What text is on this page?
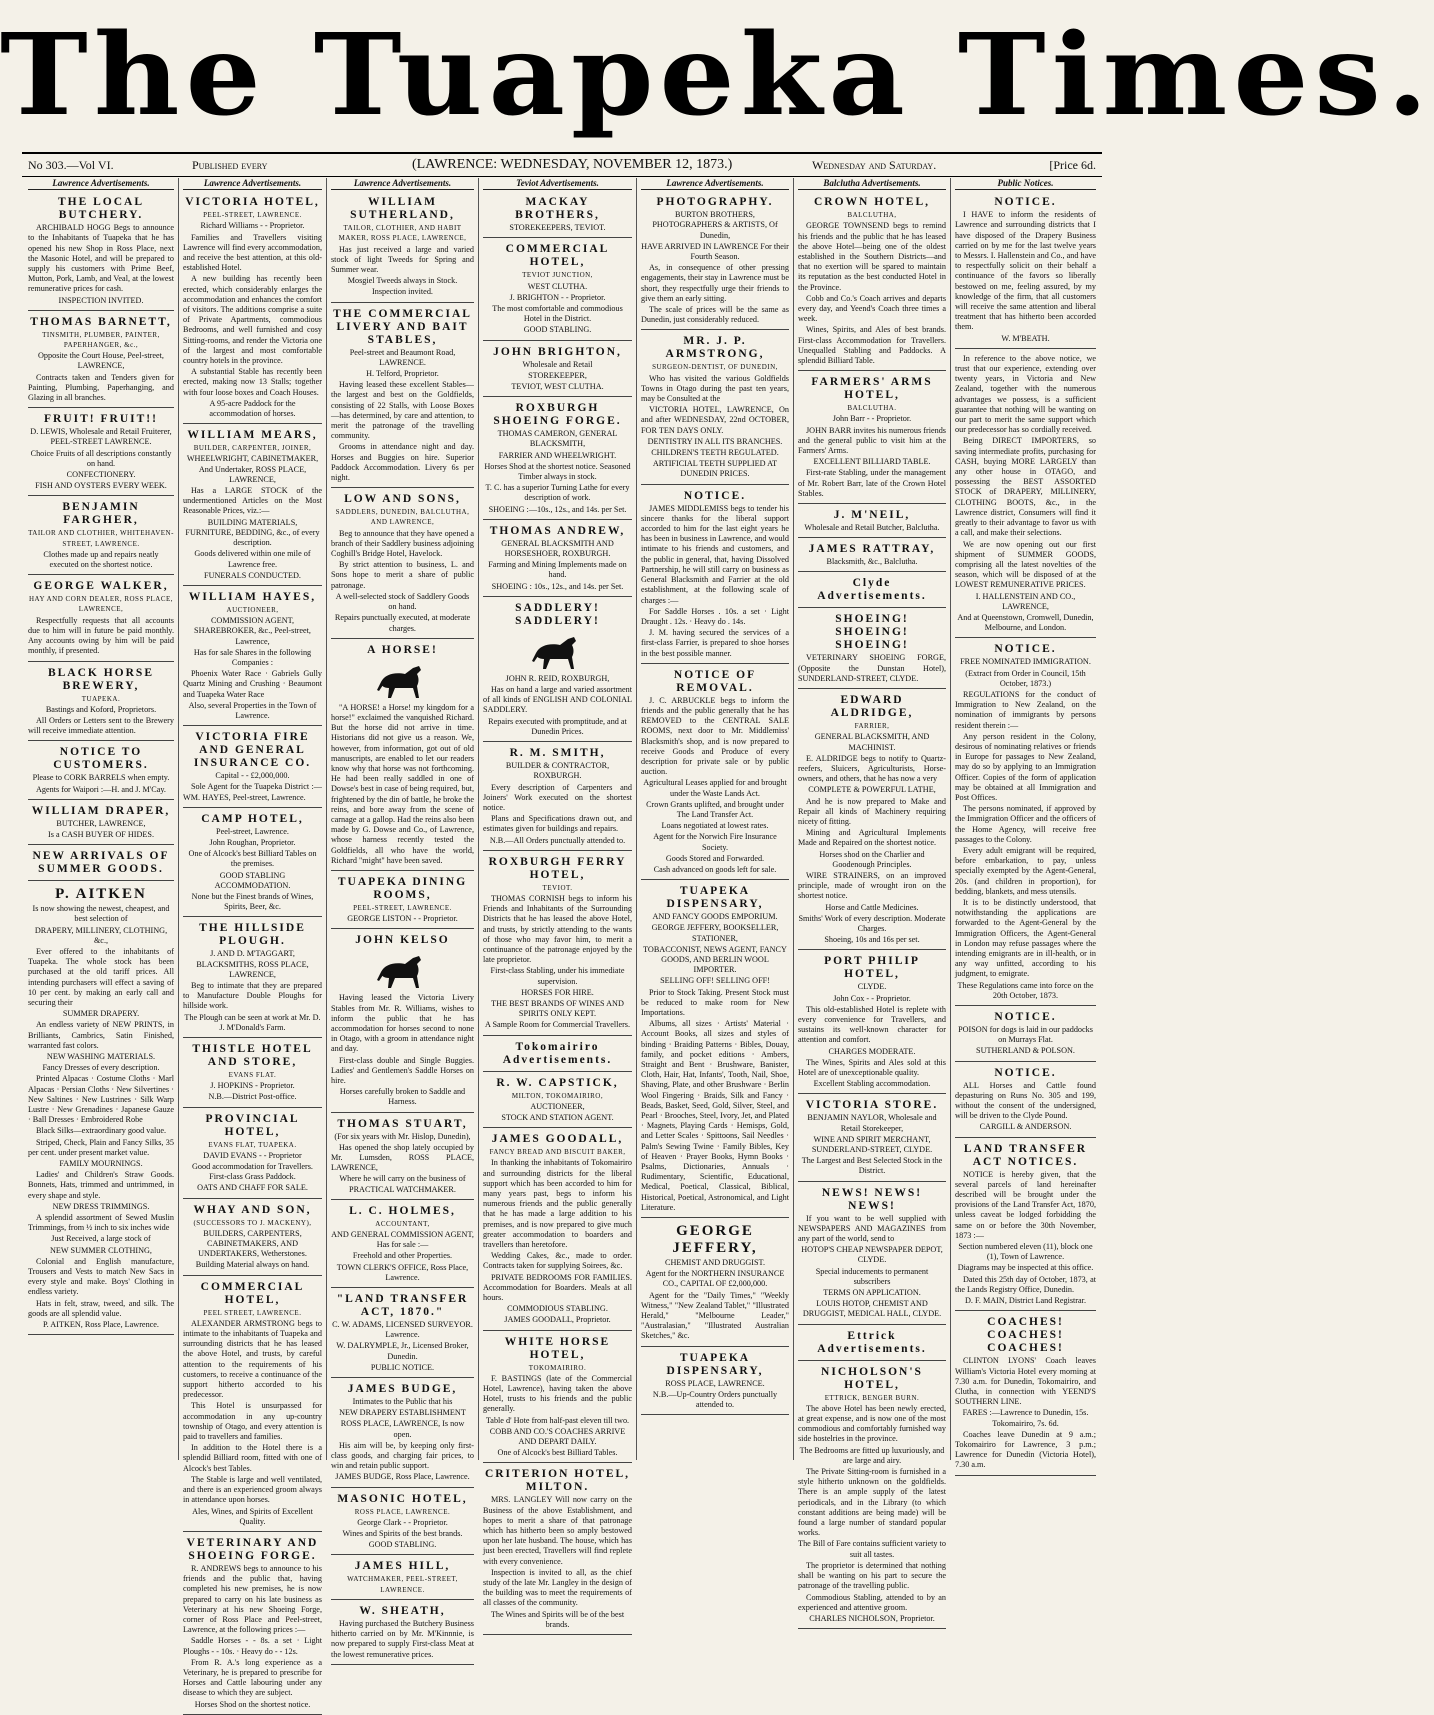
The Tuapeka Times.
No 303.—Vol VI.	Published every	(LAWRENCE: WEDNESDAY, NOVEMBER 12, 1873.)	Wednesday and Saturday.	[Price 6d.
Lawrence Advertisements.
THE LOCAL BUTCHERY.
ARCHIBALD HOGG Begs to announce to the Inhabitants of Tuapeka that he has opened his new Shop in Ross Place, next the Masonic Hotel, and will be prepared to supply his customers with Prime Beef, Mutton, Pork, Lamb, and Veal, at the lowest remunerative prices for cash.
INSPECTION INVITED.
THOMAS BARNETT,
TINSMITH, PLUMBER, PAINTER, PAPERHANGER, &c.,
Opposite the Court House, Peel-street, LAWRENCE,
Contracts taken and Tenders given for Painting, Plumbing, Paperhanging, and Glazing in all branches.
FRUIT! FRUIT!!
D. LEWIS, Wholesale and Retail Fruiterer, PEEL-STREET LAWRENCE.
Choice Fruits of all descriptions constantly on hand.
CONFECTIONERY.
FISH AND OYSTERS EVERY WEEK.
BENJAMIN FARGHER,
TAILOR AND CLOTHIER, WHITEHAVEN-STREET, LAWRENCE.
Clothes made up and repairs neatly executed on the shortest notice.
GEORGE WALKER,
HAY AND CORN DEALER, ROSS PLACE, LAWRENCE,
Respectfully requests that all accounts due to him will in future be paid monthly. Any accounts owing by him will be paid monthly, if presented.
BLACK HORSE BREWERY,
TUAPEKA.
Bastings and Koford, Proprietors.
All Orders or Letters sent to the Brewery will receive immediate attention.
NOTICE TO CUSTOMERS.
Please to CORK BARRELS when empty.
Agents for Waipori :—H. and J. M'Cay.
WILLIAM DRAPER,
BUTCHER, LAWRENCE,
Is a CASH BUYER OF HIDES.
NEW ARRIVALS OF SUMMER GOODS.
P. AITKEN
Is now showing the newest, cheapest, and best selection of
DRAPERY, MILLINERY, CLOTHING, &c.,
Ever offered to the inhabitants of Tuapeka. The whole stock has been purchased at the old tariff prices. All intending purchasers will effect a saving of 10 per cent. by making an early call and securing their
SUMMER DRAPERY.
An endless variety of NEW PRINTS, in Brilliants, Cambrics, Satin Finished, warranted fast colors.
NEW WASHING MATERIALS.
Fancy Dresses of every description.
Printed Alpacas · Costume Cloths · Marl Alpacas · Persian Cloths · New Silvertines · New Saltines · New Lustrines · Silk Warp Lustre · New Grenadines · Japanese Gauze · Ball Dresses · Embroidered Robe
Black Silks—extraordinary good value.
Striped, Check, Plain and Fancy Silks, 35 per cent. under present market value.
FAMILY MOURNINGS.
Ladies' and Children's Straw Goods. Bonnets, Hats, trimmed and untrimmed, in every shape and style.
NEW DRESS TRIMMINGS.
A splendid assortment of Sewed Muslin Trimmings, from ½ inch to six inches wide
Just Received, a large stock of
NEW SUMMER CLOTHING,
Colonial and English manufacture, Trousers and Vests to match New Sacs in every style and make. Boys' Clothing in endless variety.
Hats in felt, straw, tweed, and silk. The goods are all splendid value.
P. AITKEN, Ross Place, Lawrence.
Lawrence Advertisements.
VICTORIA HOTEL,
PEEL-STREET, LAWRENCE.
Richard Williams - - Proprietor.
Families and Travellers visiting Lawrence will find every accommodation, and receive the best attention, at this old-established Hotel.
A new building has recently been erected, which considerably enlarges the accommodation and enhances the comfort of visitors. The additions comprise a suite of Private Apartments, commodious Bedrooms, and well furnished and cosy Sitting-rooms, and render the Victoria one of the largest and most comfortable country hotels in the province.
A substantial Stable has recently been erected, making now 13 Stalls; together with four loose boxes and Coach Houses.
A 95-acre Paddock for the accommodation of horses.
WILLIAM MEARS,
BUILDER, CARPENTER, JOINER,
WHEELWRIGHT, CABINETMAKER, And Undertaker, ROSS PLACE, LAWRENCE,
Has a LARGE STOCK of the undermentioned Articles on the Most Reasonable Prices, viz.:—
BUILDING MATERIALS, FURNITURE, BEDDING, &c., of every description.
Goods delivered within one mile of Lawrence free.
FUNERALS CONDUCTED.
WILLIAM HAYES,
AUCTIONEER,
COMMISSION AGENT, SHAREBROKER, &c., Peel-street, Lawrence,
Has for sale Shares in the following Companies :
Phoenix Water Race · Gabriels Gully Quartz Mining and Crushing · Beaumont and Tuapeka Water Race
Also, several Properties in the Town of Lawrence.
VICTORIA FIRE AND GENERAL INSURANCE CO.
Capital - - £2,000,000.
Sole Agent for the Tuapeka District :— WM. HAYES, Peel-street, Lawrence.
CAMP HOTEL,
Peel-street, Lawrence.
John Roughan, Proprietor.
One of Alcock's best Billiard Tables on the premises.
GOOD STABLING ACCOMMODATION.
None but the Finest brands of Wines, Spirits, Beer, &c.
THE HILLSIDE PLOUGH.
J. AND D. M'TAGGART, BLACKSMITHS, ROSS PLACE, LAWRENCE,
Beg to intimate that they are prepared to Manufacture Double Ploughs for hillside work.
The Plough can be seen at work at Mr. D. J. M'Donald's Farm.
THISTLE HOTEL AND STORE,
EVANS FLAT.
J. HOPKINS - Proprietor.
N.B.—District Post-office.
PROVINCIAL HOTEL,
EVANS FLAT, TUAPEKA.
DAVID EVANS - - Proprietor
Good accommodation for Travellers. First-class Grass Paddock.
OATS AND CHAFF FOR SALE.
WHAY AND SON,
(SUCCESSORS TO J. MACKENY),
BUILDERS, CARPENTERS, CABINETMAKERS, AND UNDERTAKERS, Wetherstones.
Building Material always on hand.
COMMERCIAL HOTEL,
PEEL STREET, LAWRENCE.
ALEXANDER ARMSTRONG begs to intimate to the inhabitants of Tuapeka and surrounding districts that he has leased the above Hotel, and trusts, by careful attention to the requirements of his customers, to receive a continuance of the support hitherto accorded to his predecessor.
This Hotel is unsurpassed for accommodation in any up-country township of Otago, and every attention is paid to travellers and families.
In addition to the Hotel there is a splendid Billiard room, fitted with one of Alcock's best Tables.
The Stable is large and well ventilated, and there is an experienced groom always in attendance upon horses.
Ales, Wines, and Spirits of Excellent Quality.
VETERINARY AND SHOEING FORGE.
R. ANDREWS begs to announce to his friends and the public that, having completed his new premises, he is now prepared to carry on his late business as Veterinary at his new Shoeing Forge, corner of Ross Place and Peel-street, Lawrence, at the following prices :—
Saddle Horses - - 8s. a set · Light Ploughs - - 10s. · Heavy do - - 12s.
From R. A.'s long experience as a Veterinary, he is prepared to prescribe for Horses and Cattle labouring under any disease to which they are subject.
Horses Shod on the shortest notice.
Lawrence Advertisements.
WILLIAM SUTHERLAND,
TAILOR, CLOTHIER, AND HABIT MAKER, ROSS PLACE, LAWRENCE,
Has just received a large and varied stock of light Tweeds for Spring and Summer wear.
Mosgiel Tweeds always in Stock.
Inspection invited.
THE COMMERCIAL LIVERY AND BAIT STABLES,
Peel-street and Beaumont Road, LAWRENCE.
H. Telford, Proprietor.
Having leased these excellent Stables—the largest and best on the Goldfields, consisting of 22 Stalls, with Loose Boxes—has determined, by care and attention, to merit the patronage of the travelling community.
Grooms in attendance night and day. Horses and Buggies on hire. Superior Paddock Accommodation. Livery 6s per night.
LOW AND SONS,
SADDLERS, DUNEDIN, BALCLUTHA, AND LAWRENCE,
Beg to announce that they have opened a branch of their Saddlery business adjoining Coghill's Bridge Hotel, Havelock.
By strict attention to business, L. and Sons hope to merit a share of public patronage.
A well-selected stock of Saddlery Goods on hand.
Repairs punctually executed, at moderate charges.
A HORSE!
"A HORSE! a Horse! my kingdom for a horse!" exclaimed the vanquished Richard. But the horse did not arrive in time. Historians did not give us a reason. We, however, from information, got out of old manuscripts, are enabled to let our readers know why that horse was not forthcoming. He had been really saddled in one of Dowse's best in case of being required, but, frightened by the din of battle, he broke the reins, and bore away from the scene of carnage at a gallop. Had the reins also been made by G. Dowse and Co., of Lawrence, whose harness recently tested the Goldfields, all who have the world, Richard "might" have been saved.
TUAPEKA DINING ROOMS,
PEEL-STREET, LAWRENCE.
GEORGE LISTON - - Proprietor.
JOHN KELSO
Having leased the Victoria Livery Stables from Mr. R. Williams, wishes to inform the public that he has accommodation for horses second to none in Otago, with a groom in attendance night and day.
First-class double and Single Buggies. Ladies' and Gentlemen's Saddle Horses on hire.
Horses carefully broken to Saddle and Harness.
THOMAS STUART,
(For six years with Mr. Hislop, Dunedin),
Has opened the shop lately occupied by Mr. Lumsden, ROSS PLACE, LAWRENCE,
Where he will carry on the business of PRACTICAL WATCHMAKER.
L. C. HOLMES,
ACCOUNTANT,
AND GENERAL COMMISSION AGENT, Has for sale :—
Freehold and other Properties.
TOWN CLERK'S OFFICE, Ross Place, Lawrence.
"LAND TRANSFER ACT, 1870."
C. W. ADAMS, LICENSED SURVEYOR. Lawrence.
W. DALRYMPLE, Jr., Licensed Broker, Dunedin.
PUBLIC NOTICE.
JAMES BUDGE,
Intimates to the Public that his
NEW DRAPERY ESTABLISHMENT
ROSS PLACE, LAWRENCE, Is now open.
His aim will be, by keeping only first-class goods, and charging fair prices, to win and retain public support.
JAMES BUDGE, Ross Place, Lawrence.
MASONIC HOTEL,
ROSS PLACE, LAWRENCE.
George Clark - - Proprietor.
Wines and Spirits of the best brands.
GOOD STABLING.
JAMES HILL,
WATCHMAKER, PEEL-STREET, LAWRENCE.
W. SHEATH,
Having purchased the Butchery Business hitherto carried on by Mr. M'Kinnnie, is now prepared to supply First-class Meat at the lowest remunerative prices.
Teviot Advertisements.
MACKAY BROTHERS,
STOREKEEPERS, TEVIOT.
COMMERCIAL HOTEL,
TEVIOT JUNCTION,
WEST CLUTHA.
J. BRIGHTON - - Proprietor.
The most comfortable and commodious Hotel in the District.
GOOD STABLING.
JOHN BRIGHTON,
Wholesale and Retail
STOREKEEPER,
TEVIOT, WEST CLUTHA.
ROXBURGH SHOEING FORGE.
THOMAS CAMERON, GENERAL BLACKSMITH,
FARRIER AND WHEELWRIGHT.
Horses Shod at the shortest notice. Seasoned Timber always in stock.
T. C. has a superior Turning Lathe for every description of work.
SHOEING :—10s., 12s., and 14s. per Set.
THOMAS ANDREW,
GENERAL BLACKSMITH AND HORSESHOER, ROXBURGH.
Farming and Mining Implements made on hand.
SHOEING : 10s., 12s., and 14s. per Set.
SADDLERY! SADDLERY!
JOHN R. REID, ROXBURGH,
Has on hand a large and varied assortment of all kinds of ENGLISH AND COLONIAL SADDLERY.
Repairs executed with promptitude, and at Dunedin Prices.
R. M. SMITH,
BUILDER & CONTRACTOR, ROXBURGH.
Every description of Carpenters and Joiners' Work executed on the shortest notice.
Plans and Specifications drawn out, and estimates given for buildings and repairs.
N.B.—All Orders punctually attended to.
ROXBURGH FERRY HOTEL,
TEVIOT.
THOMAS CORNISH begs to inform his Friends and Inhabitants of the Surrounding Districts that he has leased the above Hotel, and trusts, by strictly attending to the wants of those who may favor him, to merit a continuance of the patronage enjoyed by the late proprietor.
First-class Stabling, under his immediate supervision.
HORSES FOR HIRE.
THE BEST BRANDS OF WINES AND SPIRITS ONLY KEPT.
A Sample Room for Commercial Travellers.
Tokomairiro Advertisements.
R. W. CAPSTICK,
MILTON, TOKOMAIRIRO,
AUCTIONEER,
STOCK AND STATION AGENT.
JAMES GOODALL,
FANCY BREAD AND BISCUIT BAKER,
In thanking the inhabitants of Tokomairiro and surrounding districts for the liberal support which has been accorded to him for many years past, begs to inform his numerous friends and the public generally that he has made a large addition to his premises, and is now prepared to give much greater accommodation to boarders and travellers than heretofore.
Wedding Cakes, &c., made to order. Contracts taken for supplying Soirees, &c.
PRIVATE BEDROOMS FOR FAMILIES. Accommodation for Boarders. Meals at all hours.
COMMODIOUS STABLING.
JAMES GOODALL, Proprietor.
WHITE HORSE HOTEL,
TOKOMAIRIRO.
F. BASTINGS (late of the Commercial Hotel, Lawrence), having taken the above Hotel, trusts to his friends and the public generally.
Table d' Hote from half-past eleven till two.
COBB AND CO.'S COACHES ARRIVE AND DEPART DAILY.
One of Alcock's best Billiard Tables.
CRITERION HOTEL, MILTON.
MRS. LANGLEY Will now carry on the Business of the above Establishment, and hopes to merit a share of that patronage which has hitherto been so amply bestowed upon her late husband. The house, which has just been erected, Travellers will find replete with every convenience.
Inspection is invited to all, as the chief study of the late Mr. Langley in the design of the building was to meet the requirements of all classes of the community.
The Wines and Spirits will be of the best brands.
Lawrence Advertisements.
PHOTOGRAPHY.
BURTON BROTHERS, PHOTOGRAPHERS & ARTISTS, Of Dunedin,
HAVE ARRIVED IN LAWRENCE For their Fourth Season.
As, in consequence of other pressing engagements, their stay in Lawrence must be short, they respectfully urge their friends to give them an early sitting.
The scale of prices will be the same as Dunedin, just considerably reduced.
MR. J. P. ARMSTRONG,
SURGEON-DENTIST, OF DUNEDIN,
Who has visited the various Goldfields Towns in Otago during the past ten years, may be Consulted at the
VICTORIA HOTEL, LAWRENCE, On and after WEDNESDAY, 22nd OCTOBER, FOR TEN DAYS ONLY.
DENTISTRY IN ALL ITS BRANCHES.
CHILDREN'S TEETH REGULATED.
ARTIFICIAL TEETH SUPPLIED AT DUNEDIN PRICES.
NOTICE.
JAMES MIDDLEMISS begs to tender his sincere thanks for the liberal support accorded to him for the last eight years he has been in business in Lawrence, and would intimate to his friends and customers, and the public in general, that, having Dissolved Partnership, he will still carry on business as General Blacksmith and Farrier at the old establishment, at the following scale of charges :—
For Saddle Horses . 10s. a set · Light Draught . 12s. · Heavy do . 14s.
J. M. having secured the services of a first-class Farrier, is prepared to shoe horses in the best possible manner.
NOTICE OF REMOVAL.
J. C. ARBUCKLE begs to inform the friends and the public generally that he has REMOVED to the CENTRAL SALE ROOMS, next door to Mr. Middlemiss' Blacksmith's shop, and is now prepared to receive Goods and Produce of every description for private sale or by public auction.
Agricultural Leases applied for and brought under the Waste Lands Act.
Crown Grants uplifted, and brought under The Land Transfer Act.
Loans negotiated at lowest rates.
Agent for the Norwich Fire Insurance Society.
Goods Stored and Forwarded.
Cash advanced on goods left for sale.
TUAPEKA DISPENSARY,
AND FANCY GOODS EMPORIUM.
GEORGE JEFFERY, BOOKSELLER, STATIONER,
TOBACCONIST, NEWS AGENT, FANCY GOODS, AND BERLIN WOOL IMPORTER.
SELLING OFF! SELLING OFF!
Prior to Stock Taking. Present Stock must be reduced to make room for New Importations.
Albums, all sizes · Artists' Material · Account Books, all sizes and styles of binding · Braiding Patterns · Bibles, Douay, family, and pocket editions · Ambers, Straight and Bent · Brushware, Banister, Cloth, Hair, Hat, Infants', Tooth, Nail, Shoe, Shaving, Plate, and other Brushware · Berlin Wool Fingering · Braids, Silk and Fancy · Beads, Basket, Seed, Gold, Silver, Steel, and Pearl · Brooches, Steel, Ivory, Jet, and Plated · Magnets, Playing Cards · Hemisps, Gold, and Letter Scales · Spittoons, Sail Needles · Palm's Sewing Twine · Family Bibles, Key of Heaven · Prayer Books, Hymn Books · Psalms, Dictionaries, Annuals · Rudimentary, Scientific, Educational, Medical, Poetical, Classical, Biblical, Historical, Poetical, Astronomical, and Light Literature.
GEORGE JEFFERY,
CHEMIST AND DRUGGIST.
Agent for the NORTHERN INSURANCE CO., CAPITAL OF £2,000,000.
Agent for the "Daily Times," "Weekly Witness," "New Zealand Tablet," "Illustrated Herald," "Melbourne Leader," "Australasian," "Illustrated Australian Sketches," &c.
TUAPEKA DISPENSARY,
ROSS PLACE, LAWRENCE.
N.B.—Up-Country Orders punctually attended to.
Balclutha Advertisements.
CROWN HOTEL,
BALCLUTHA,
GEORGE TOWNSEND begs to remind his friends and the public that he has leased the above Hotel—being one of the oldest established in the Southern Districts—and that no exertion will be spared to maintain its reputation as the best conducted Hotel in the Province.
Cobb and Co.'s Coach arrives and departs every day, and Yeend's Coach three times a week.
Wines, Spirits, and Ales of best brands. First-class Accommodation for Travellers. Unequalled Stabling and Paddocks. A splendid Billiard Table.
FARMERS' ARMS HOTEL,
BALCLUTHA.
John Barr - - Proprietor.
JOHN BARR invites his numerous friends and the general public to visit him at the Farmers' Arms.
EXCELLENT BILLIARD TABLE.
First-rate Stabling, under the management of Mr. Robert Barr, late of the Crown Hotel Stables.
J. M'NEIL,
Wholesale and Retail Butcher, Balclutha.
JAMES RATTRAY,
Blacksmith, &c., Balclutha.
Clyde Advertisements.
SHOEING! SHOEING! SHOEING!
VETERINARY SHOEING FORGE, (Opposite the Dunstan Hotel), SUNDERLAND-STREET, CLYDE.
EDWARD ALDRIDGE,
FARRIER,
GENERAL BLACKSMITH, AND MACHINIST.
E. ALDRIDGE begs to notify to Quartz-reefers, Sluicers, Agriculturists, Horse-owners, and others, that he has now a very
COMPLETE & POWERFUL LATHE,
And he is now prepared to Make and Repair all kinds of Machinery requiring nicety of fitting.
Mining and Agricultural Implements Made and Repaired on the shortest notice.
Horses shod on the Charlier and Goodenough Principles.
WIRE STRAINERS, on an improved principle, made of wrought iron on the shortest notice.
Horse and Cattle Medicines.
Smiths' Work of every description. Moderate Charges.
Shoeing, 10s and 16s per set.
PORT PHILIP HOTEL,
CLYDE.
John Cox - - Proprietor.
This old-established Hotel is replete with every convenience for Travellers, and sustains its well-known character for attention and comfort.
CHARGES MODERATE.
The Wines, Spirits and Ales sold at this Hotel are of unexceptionable quality.
Excellent Stabling accommodation.
VICTORIA STORE.
BENJAMIN NAYLOR, Wholesale and Retail Storekeeper,
WINE AND SPIRIT MERCHANT, SUNDERLAND-STREET, CLYDE.
The Largest and Best Selected Stock in the District.
NEWS! NEWS! NEWS!
If you want to be well supplied with NEWSPAPERS AND MAGAZINES from any part of the world, send to
HOTOP'S CHEAP NEWSPAPER DEPOT, CLYDE.
Special inducements to permanent subscribers
TERMS ON APPLICATION.
LOUIS HOTOP, CHEMIST AND DRUGGIST, MEDICAL HALL, CLYDE.
Ettrick Advertisements.
NICHOLSON'S HOTEL,
ETTRICK, BENGER BURN.
The above Hotel has been newly erected, at great expense, and is now one of the most commodious and comfortably furnished way side hostelries in the province.
The Bedrooms are fitted up luxuriously, and are large and airy.
The Private Sitting-room is furnished in a style hitherto unknown on the goldfields. There is an ample supply of the latest periodicals, and in the Library (to which constant additions are being made) will be found a large number of standard popular works.
The Bill of Fare contains sufficient variety to suit all tastes.
The proprietor is determined that nothing shall be wanting on his part to secure the patronage of the travelling public.
Commodious Stabling, attended to by an experienced and attentive groom.
CHARLES NICHOLSON, Proprietor.
Public Notices.
NOTICE.
I HAVE to inform the residents of Lawrence and surrounding districts that I have disposed of the Drapery Business carried on by me for the last twelve years to Messrs. I. Hallenstein and Co., and have to respectfully solicit on their behalf a continuance of the favors so liberally bestowed on me, feeling assured, by my knowledge of the firm, that all customers will receive the same attention and liberal treatment that has hitherto been accorded them.
W. M'BEATH.
In reference to the above notice, we trust that our experience, extending over twenty years, in Victoria and New Zealand, together with the numerous advantages we possess, is a sufficient guarantee that nothing will be wanting on our part to merit the same support which our predecessor has so cordially received.
Being DIRECT IMPORTERS, so saving intermediate profits, purchasing for CASH, buying MORE LARGELY than any other house in OTAGO, and possessing the BEST ASSORTED STOCK of DRAPERY, MILLINERY, CLOTHING BOOTS, &c., in the Lawrence district, Consumers will find it greatly to their advantage to favor us with a call, and make their selections.
We are now opening out our first shipment of SUMMER GOODS, comprising all the latest novelties of the season, which will be disposed of at the LOWEST REMUNERATIVE PRICES.
I. HALLENSTEIN AND CO., LAWRENCE,
And at Queenstown, Cromwell, Dunedin, Melbourne, and London.
NOTICE.
FREE NOMINATED IMMIGRATION.
(Extract from Order in Council, 15th October, 1873.)
REGULATIONS for the conduct of Immigration to New Zealand, on the nomination of immigrants by persons resident therein :—
Any person resident in the Colony, desirous of nominating relatives or friends in Europe for passages to New Zealand, may do so by applying to an Immigration Officer. Copies of the form of application may be obtained at all Immigration and Post Offices.
The persons nominated, if approved by the Immigration Officer and the officers of the Home Agency, will receive free passages to the Colony.
Every adult emigrant will be required, before embarkation, to pay, unless specially exempted by the Agent-General, 20s. (and children in proportion), for bedding, blankets, and mess utensils.
It is to be distinctly understood, that notwithstanding the applications are forwarded to the Agent-General by the Immigration Officers, the Agent-General in London may refuse passages where the intending emigrants are in ill-health, or in any way unfitted, according to his judgment, to emigrate.
These Regulations came into force on the 20th October, 1873.
NOTICE.
POISON for dogs is laid in our paddocks on Murrays Flat.
SUTHERLAND & POLSON.
NOTICE.
ALL Horses and Cattle found depasturing on Runs No. 305 and 199, without the consent of the undersigned, will be driven to the Clyde Pound.
CARGILL & ANDERSON.
LAND TRANSFER ACT NOTICES.
NOTICE is hereby given, that the several parcels of land hereinafter described will be brought under the provisions of the Land Transfer Act, 1870, unless caveat be lodged forbidding the same on or before the 30th November, 1873 :—
Section numbered eleven (11), block one (1), Town of Lawrence.
Diagrams may be inspected at this office.
Dated this 25th day of October, 1873, at the Lands Registry Office, Dunedin.
D. F. MAIN, District Land Registrar.
COACHES! COACHES! COACHES!
CLINTON LYONS' Coach leaves William's Victoria Hotel every morning at 7.30 a.m. for Dunedin, Tokomairiro, and Clutha, in connection with YEEND'S SOUTHERN LINE.
FARES :—Lawrence to Dunedin, 15s. Tokomairiro, 7s. 6d.
Coaches leave Dunedin at 9 a.m.; Tokomairiro for Lawrence, 3 p.m.; Lawrence for Dunedin (Victoria Hotel), 7.30 a.m.
